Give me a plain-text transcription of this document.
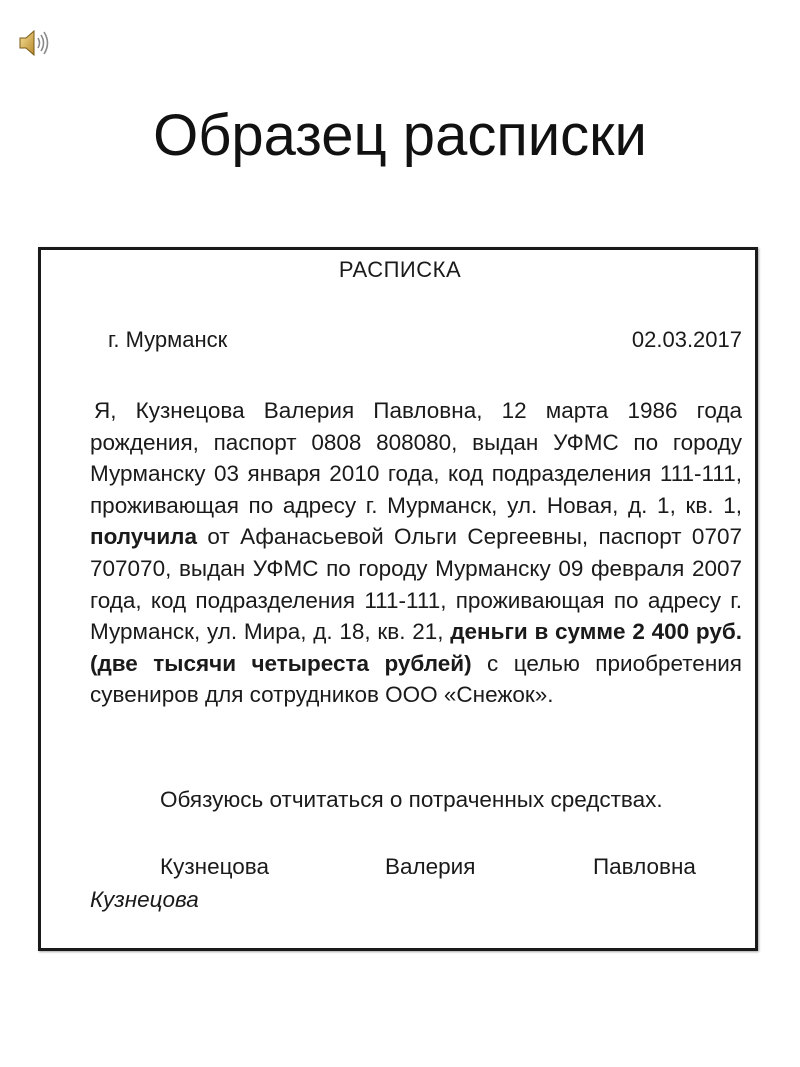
Образец расписки
РАСПИСКА
г. Мурманск	02.03.2017

Я, Кузнецова Валерия Павловна, 12 марта 1986 года рождения, паспорт 0808 808080, выдан УФМС по городу Мурманску 03 января 2010 года, код подразделения 111-111, проживающая по адресу г. Мурманск, ул. Новая, д. 1, кв. 1, получила от Афанасьевой Ольги Сергеевны, паспорт 0707 707070, выдан УФМС по городу Мурманску 09 февраля 2007 года, код подразделения 111-111, проживающая по адресу г. Мурманск, ул. Мира, д. 18, кв. 21, деньги в сумме 2 400 руб. (две тысячи четыреста рублей) с целью приобретения сувениров для сотрудников ООО «Снежок».

Обязуюсь отчитаться о потраченных средствах.

Кузнецова	Валерия	Павловна
Кузнецова
